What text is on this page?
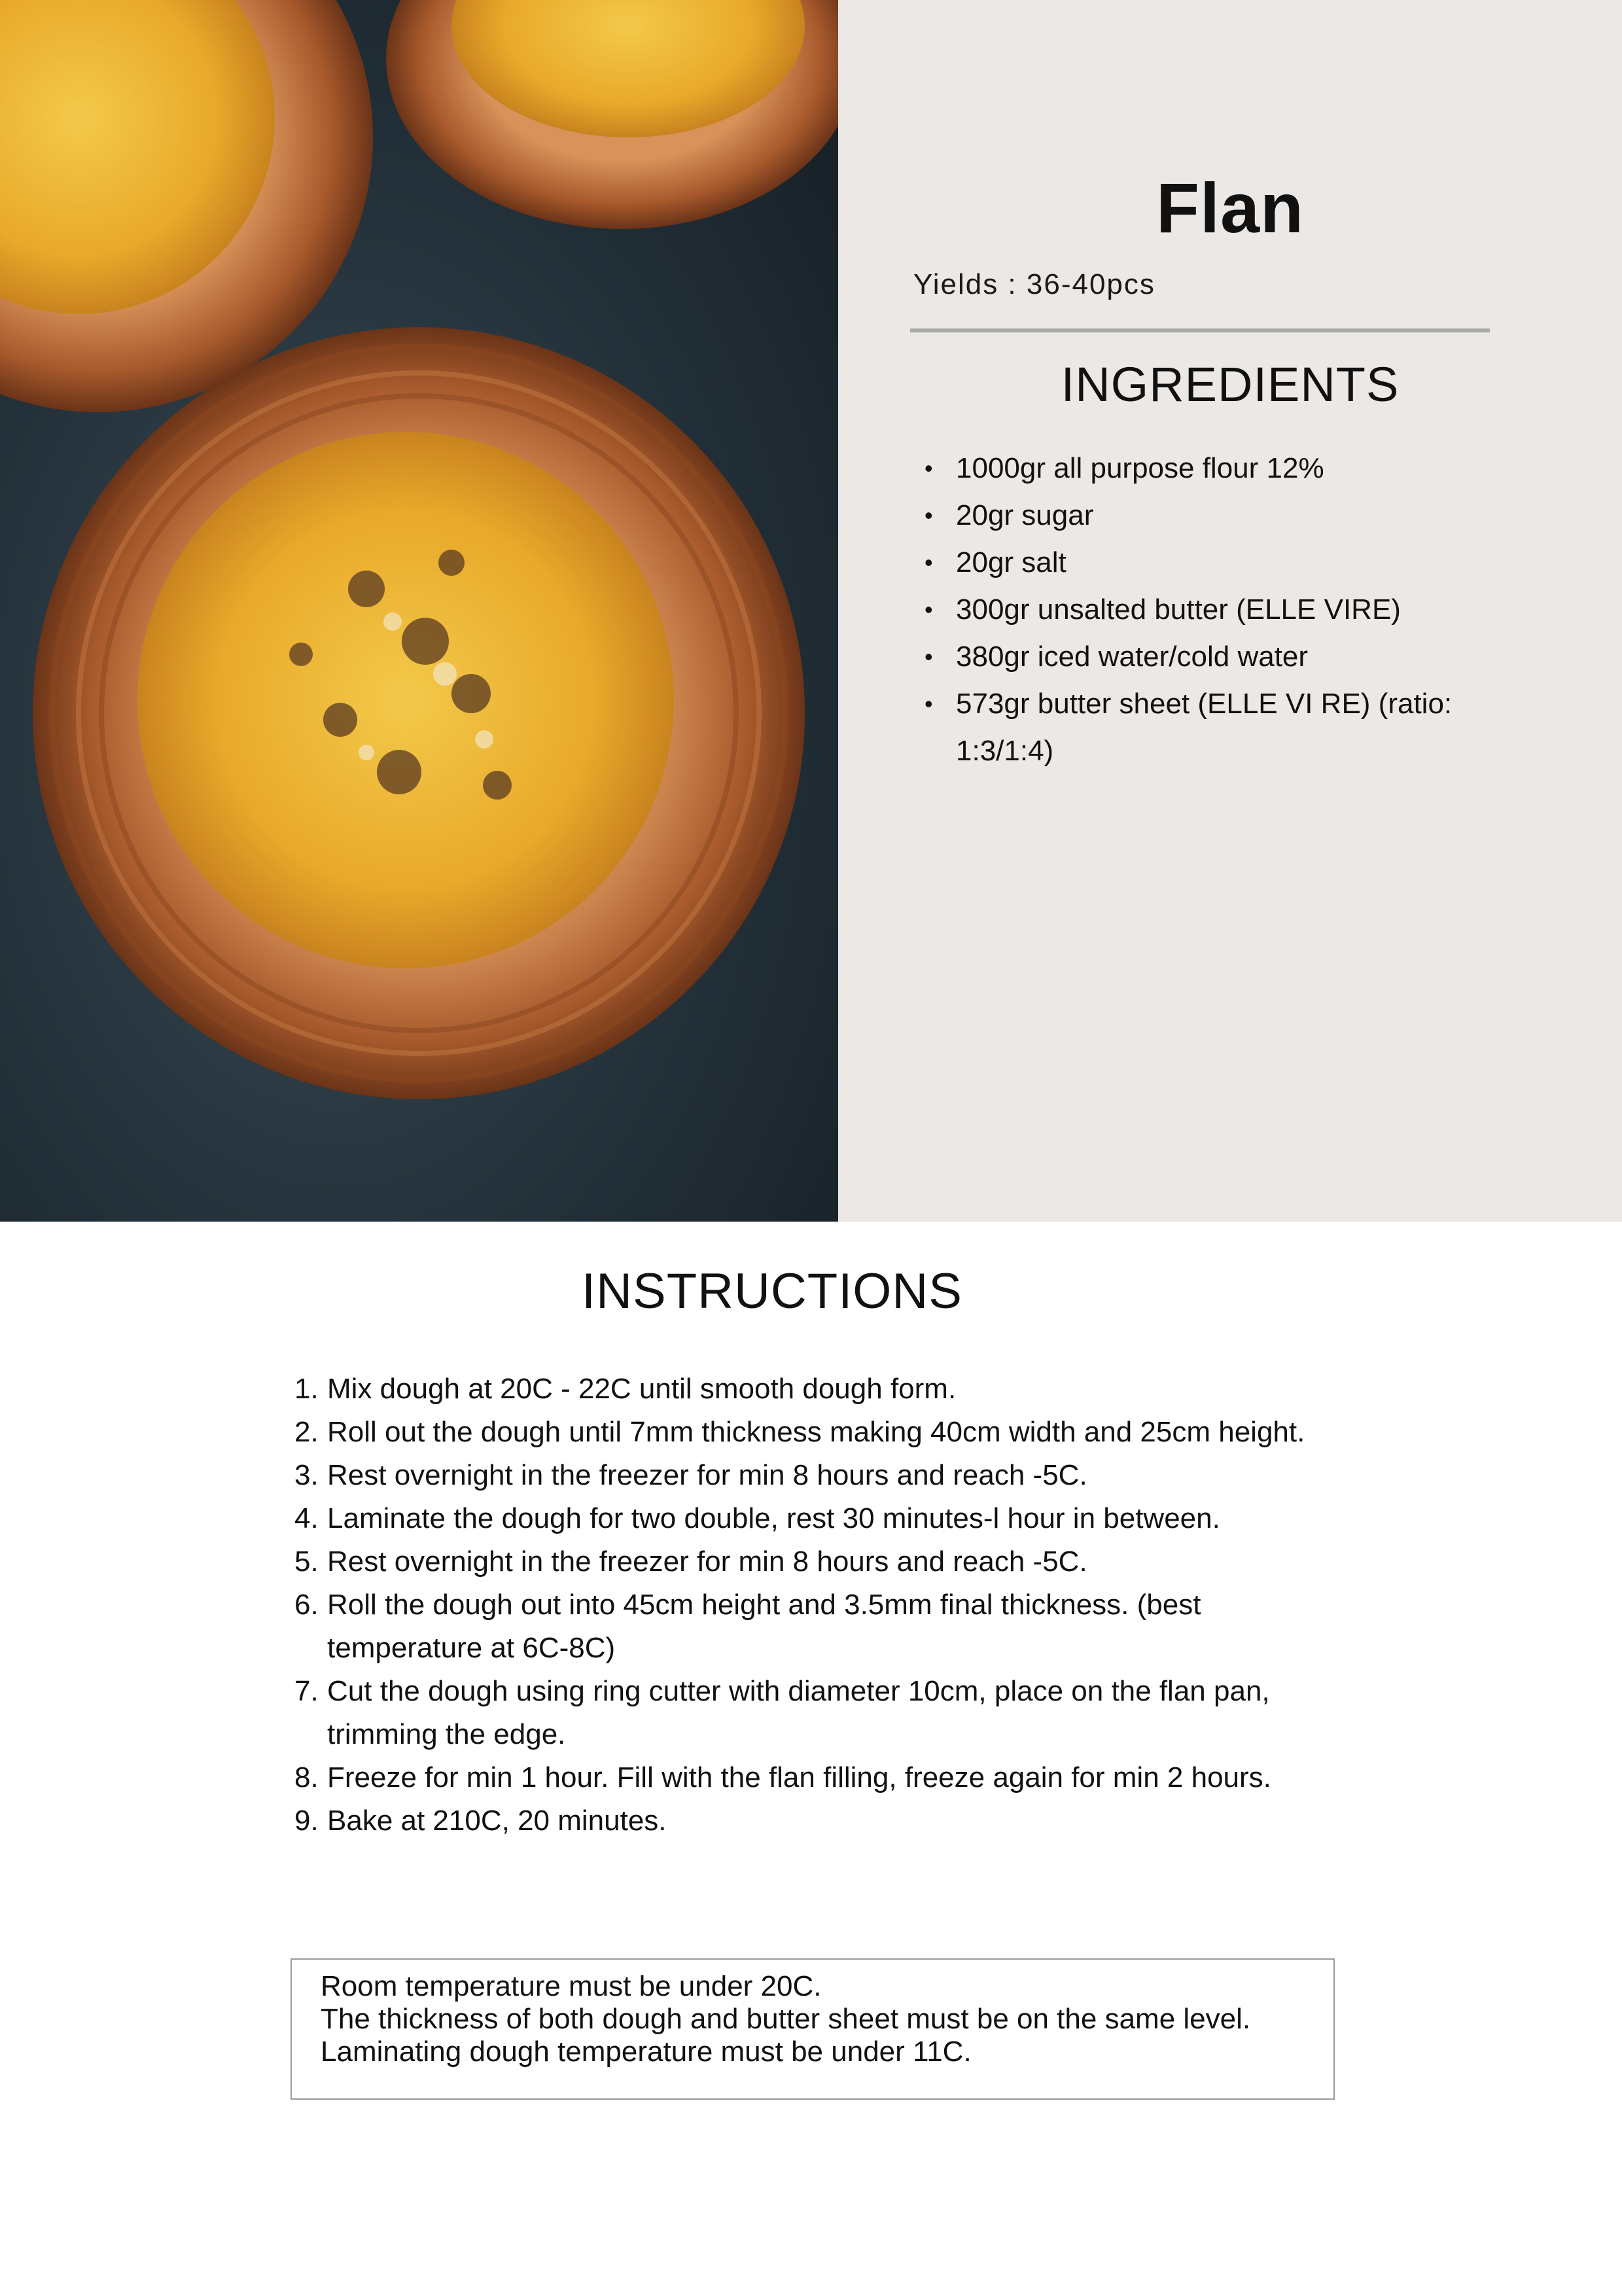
Flan
Yields : 36-40pcs
INGREDIENTS
• 1000gr all purpose flour 12%
• 20gr sugar
• 20gr salt
• 300gr unsalted butter (ELLE VIRE)
• 380gr iced water/cold water
• 573gr butter sheet (ELLE VI RE) (ratio: 1:3/1:4)
INSTRUCTIONS
1. Mix dough at 20C - 22C until smooth dough form.
2. Roll out the dough until 7mm thickness making 40cm width and 25cm height.
3. Rest overnight in the freezer for min 8 hours and reach -5C.
4. Laminate the dough for two double, rest 30 minutes-l hour in between.
5. Rest overnight in the freezer for min 8 hours and reach -5C.
6. Roll the dough out into 45cm height and 3.5mm final thickness. (best temperature at 6C-8C)
7. Cut the dough using ring cutter with diameter 10cm, place on the flan pan, trimming the edge.
8. Freeze for min 1 hour. Fill with the flan filling, freeze again for min 2 hours.
9. Bake at 210C, 20 minutes.
Room temperature must be under 20C.
The thickness of both dough and butter sheet must be on the same level.
Laminating dough temperature must be under 11C.
